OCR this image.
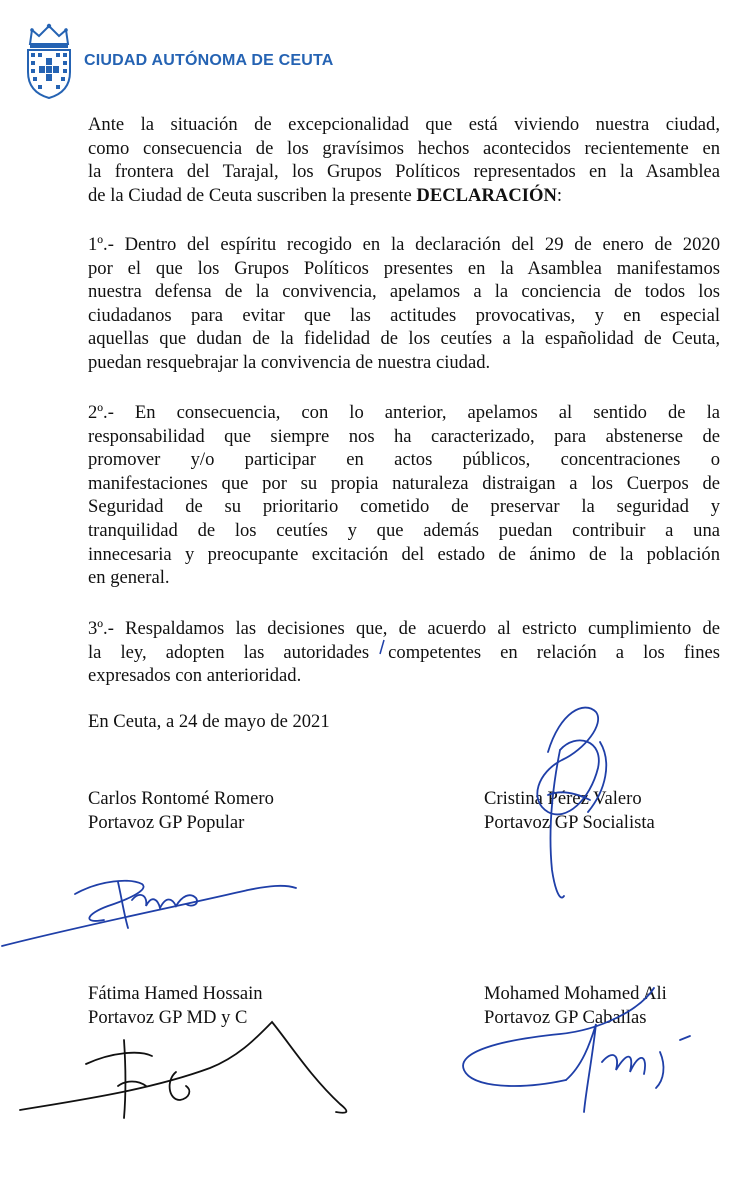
CIUDAD AUTÓNOMA DE CEUTA
Ante la situación de excepcionalidad que está viviendo nuestra ciudad,
como consecuencia de los gravísimos hechos acontecidos recientemente en
la frontera del Tarajal, los Grupos Políticos representados en la Asamblea
de la Ciudad de Ceuta suscriben la presente DECLARACIÓN:
1º.- Dentro del espíritu recogido en la declaración del 29 de enero de 2020
por el que los Grupos Políticos presentes en la Asamblea manifestamos
nuestra defensa de la convivencia, apelamos a la conciencia de todos los
ciudadanos para evitar que las actitudes provocativas, y en especial
aquellas que dudan de la fidelidad de los ceutíes a la españolidad de Ceuta,
puedan resquebrajar la convivencia de nuestra ciudad.
2º.- En consecuencia, con lo anterior, apelamos al sentido de la
responsabilidad que siempre nos ha caracterizado, para abstenerse de
promover y/o participar en actos públicos, concentraciones o
manifestaciones que por su propia naturaleza distraigan a los Cuerpos de
Seguridad de su prioritario cometido de preservar la seguridad y
tranquilidad de los ceutíes y que además puedan contribuir a una
innecesaria y preocupante excitación del estado de ánimo de la población
en general.
3º.- Respaldamos las decisiones que, de acuerdo al estricto cumplimiento de
la ley, adopten las autoridades competentes en relación a los fines
expresados con anterioridad.
En Ceuta, a 24 de mayo de 2021
Carlos Rontomé Romero
Portavoz GP Popular
Cristina Pérez Valero
Portavoz GP Socialista
Fátima Hamed Hossain
Portavoz GP MD y C
Mohamed Mohamed Ali
Portavoz GP Caballas
